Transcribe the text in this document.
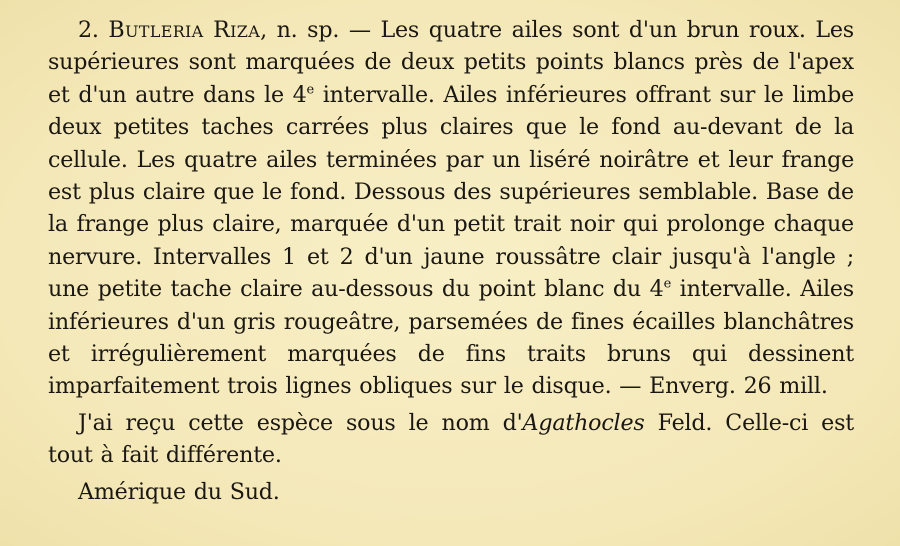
2. Butleria Riza, n. sp. — Les quatre ailes sont d'un brun roux. Les supérieures sont marquées de deux petits points blancs près de l'apex et d'un autre dans le 4e intervalle. Ailes inférieures offrant sur le limbe deux petites taches carrées plus claires que le fond au-devant de la cellule. Les quatre ailes terminées par un liséré noirâtre et leur frange est plus claire que le fond. Dessous des supérieures semblable. Base de la frange plus claire, marquée d'un petit trait noir qui prolonge chaque nervure. Intervalles 1 et 2 d'un jaune roussâtre clair jusqu'à l'angle ; une petite tache claire au-dessous du point blanc du 4e intervalle. Ailes inférieures d'un gris rougeâtre, parsemées de fines écailles blanchâtres et irrégulièrement marquées de fins traits bruns qui dessinent imparfaitement trois lignes obliques sur le disque. — Enverg. 26 mill.

J'ai reçu cette espèce sous le nom d'Agathocles Feld. Celle-ci est tout à fait différente.

Amérique du Sud.
